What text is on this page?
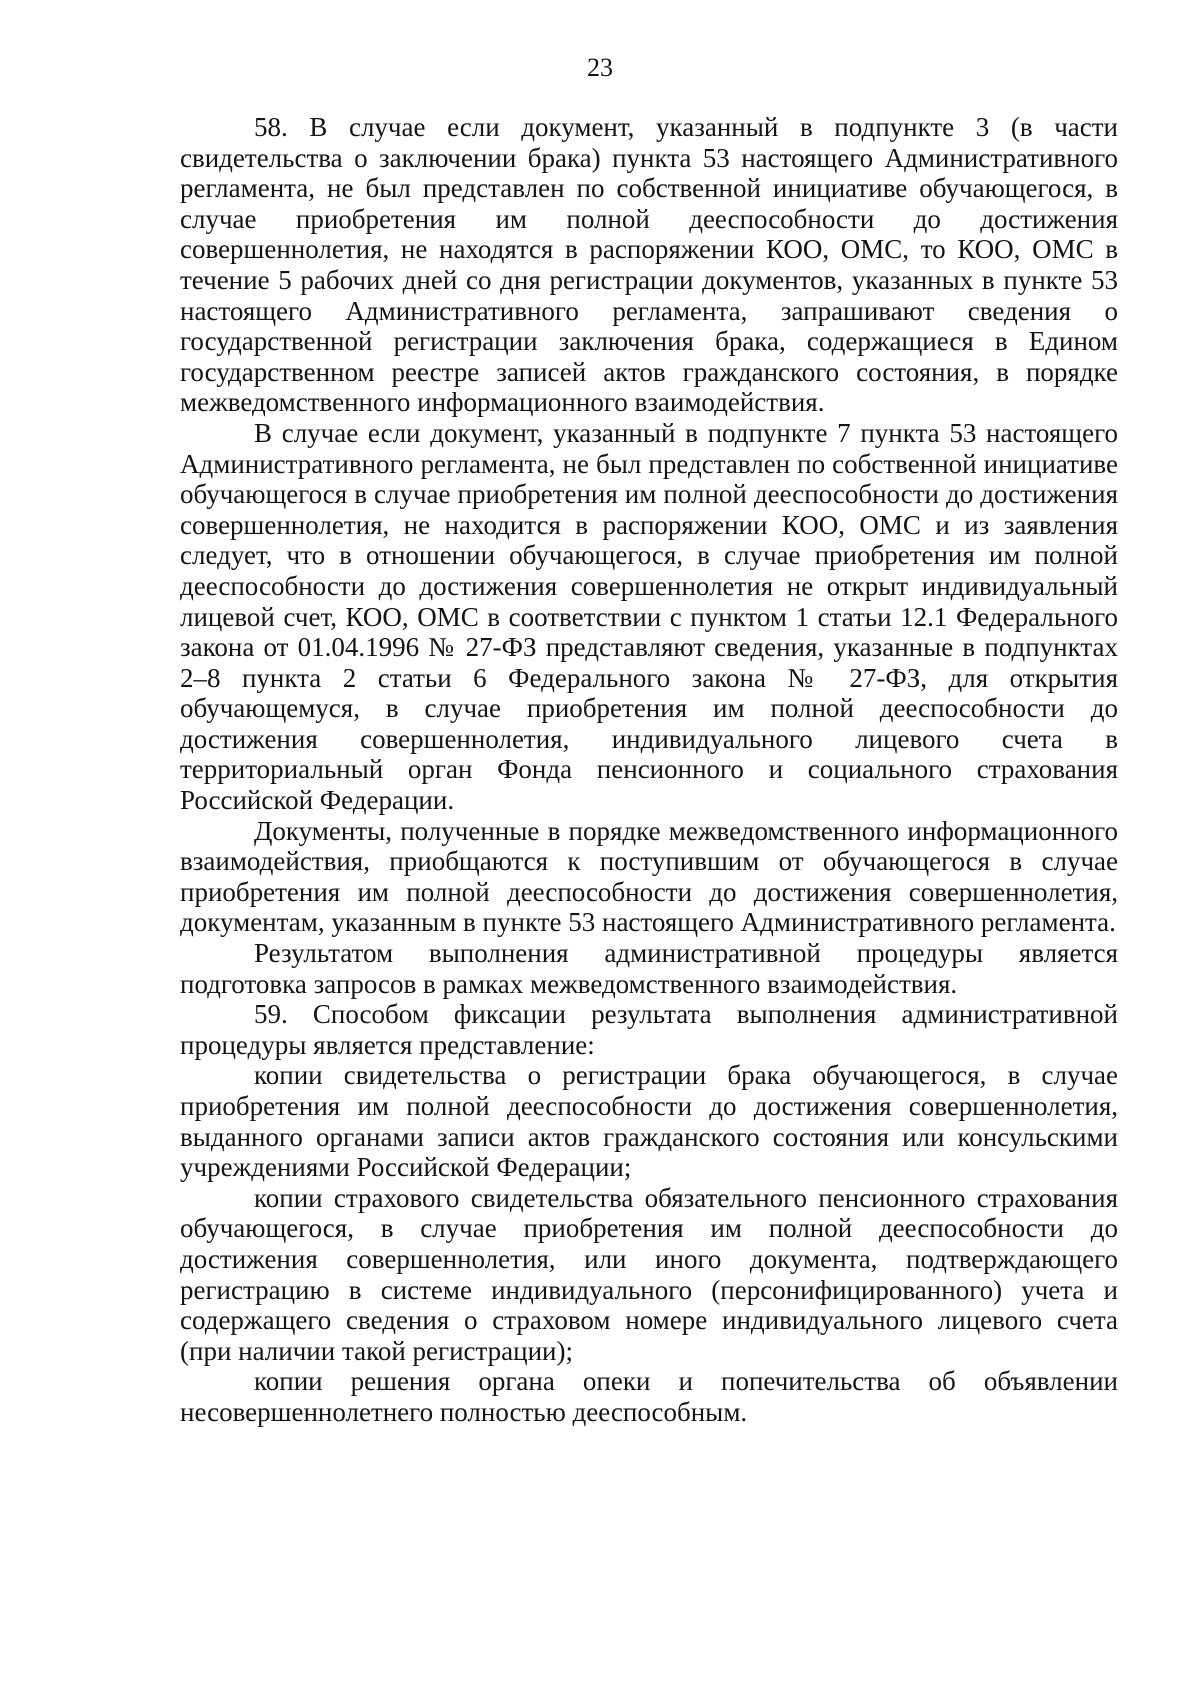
23

58. В случае если документ, указанный в подпункте 3 (в части свидетельства о заключении брака) пункта 53 настоящего Административного регламента, не был представлен по собственной инициативе обучающегося, в случае приобретения им полной дееспособности до достижения совершеннолетия, не находятся в распоряжении КОО, ОМС, то КОО, ОМС в течение 5 рабочих дней со дня регистрации документов, указанных в пункте 53 настоящего Административного регламента, запрашивают сведения о государственной регистрации заключения брака, содержащиеся в Едином государственном реестре записей актов гражданского состояния, в порядке межведомственного информационного взаимодействия.

В случае если документ, указанный в подпункте 7 пункта 53 настоящего Административного регламента, не был представлен по собственной инициативе обучающегося в случае приобретения им полной дееспособности до достижения совершеннолетия, не находится в распоряжении КОО, ОМС и из заявления следует, что в отношении обучающегося, в случае приобретения им полной дееспособности до достижения совершеннолетия не открыт индивидуальный лицевой счет, КОО, ОМС в соответствии с пунктом 1 статьи 12.1 Федерального закона от 01.04.1996 № 27-ФЗ представляют сведения, указанные в подпунктах 2–8 пункта 2 статьи 6 Федерального закона № 27-ФЗ, для открытия обучающемуся, в случае приобретения им полной дееспособности до достижения совершеннолетия, индивидуального лицевого счета в территориальный орган Фонда пенсионного и социального страхования Российской Федерации.

Документы, полученные в порядке межведомственного информационного взаимодействия, приобщаются к поступившим от обучающегося в случае приобретения им полной дееспособности до достижения совершеннолетия, документам, указанным в пункте 53 настоящего Административного регламента.

Результатом выполнения административной процедуры является подготовка запросов в рамках межведомственного взаимодействия.

59. Способом фиксации результата выполнения административной процедуры является представление:

копии свидетельства о регистрации брака обучающегося, в случае приобретения им полной дееспособности до достижения совершеннолетия, выданного органами записи актов гражданского состояния или консульскими учреждениями Российской Федерации;

копии страхового свидетельства обязательного пенсионного страхования обучающегося, в случае приобретения им полной дееспособности до достижения совершеннолетия, или иного документа, подтверждающего регистрацию в системе индивидуального (персонифицированного) учета и содержащего сведения о страховом номере индивидуального лицевого счета (при наличии такой регистрации);

копии решения органа опеки и попечительства об объявлении несовершеннолетнего полностью дееспособным.
